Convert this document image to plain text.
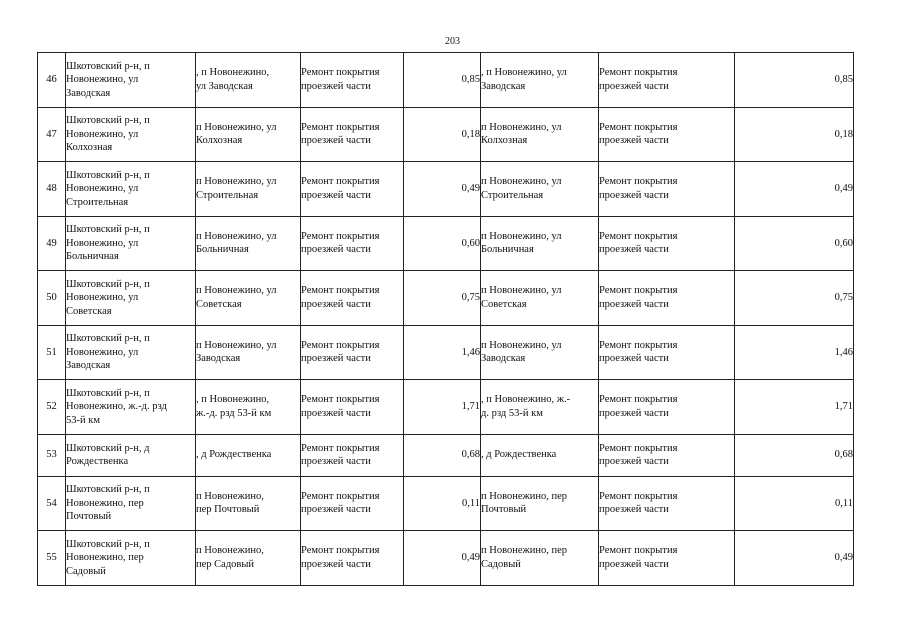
203
46	Шкотовский р-н, п
Новонежино, ул
Заводская	, п Новонежино,
ул Заводская	Ремонт покрытия
проезжей части	0,85	, п Новонежино, ул
Заводская	Ремонт покрытия
проезжей части	0,85
47	Шкотовский р-н, п
Новонежино, ул
Колхозная	п Новонежино, ул
Колхозная	Ремонт покрытия
проезжей части	0,18	п Новонежино, ул
Колхозная	Ремонт покрытия
проезжей части	0,18
48	Шкотовский р-н, п
Новонежино, ул
Строительная	п Новонежино, ул
Строительная	Ремонт покрытия
проезжей части	0,49	п Новонежино, ул
Строительная	Ремонт покрытия
проезжей части	0,49
49	Шкотовский р-н, п
Новонежино, ул
Больничная	п Новонежино, ул
Больничная	Ремонт покрытия
проезжей части	0,60	п Новонежино, ул
Больничная	Ремонт покрытия
проезжей части	0,60
50	Шкотовский р-н, п
Новонежино, ул
Советская	п Новонежино, ул
Советская	Ремонт покрытия
проезжей части	0,75	п Новонежино, ул
Советская	Ремонт покрытия
проезжей части	0,75
51	Шкотовский р-н, п
Новонежино, ул
Заводская	п Новонежино, ул
Заводская	Ремонт покрытия
проезжей части	1,46	п Новонежино, ул
Заводская	Ремонт покрытия
проезжей части	1,46
52	Шкотовский р-н, п
Новонежино, ж.-д. рзд
53-й км	, п Новонежино,
ж.-д. рзд 53-й км	Ремонт покрытия
проезжей части	1,71	, п Новонежино, ж.-
д. рзд 53-й км	Ремонт покрытия
проезжей части	1,71
53	Шкотовский р-н, д
Рождественка	, д Рождественка	Ремонт покрытия
проезжей части	0,68	, д Рождественка	Ремонт покрытия
проезжей части	0,68
54	Шкотовский р-н, п
Новонежино, пер
Почтовый	п Новонежино,
пер Почтовый	Ремонт покрытия
проезжей части	0,11	п Новонежино, пер
Почтовый	Ремонт покрытия
проезжей части	0,11
55	Шкотовский р-н, п
Новонежино, пер
Садовый	п Новонежино,
пер Садовый	Ремонт покрытия
проезжей части	0,49	п Новонежино, пер
Садовый	Ремонт покрытия
проезжей части	0,49
